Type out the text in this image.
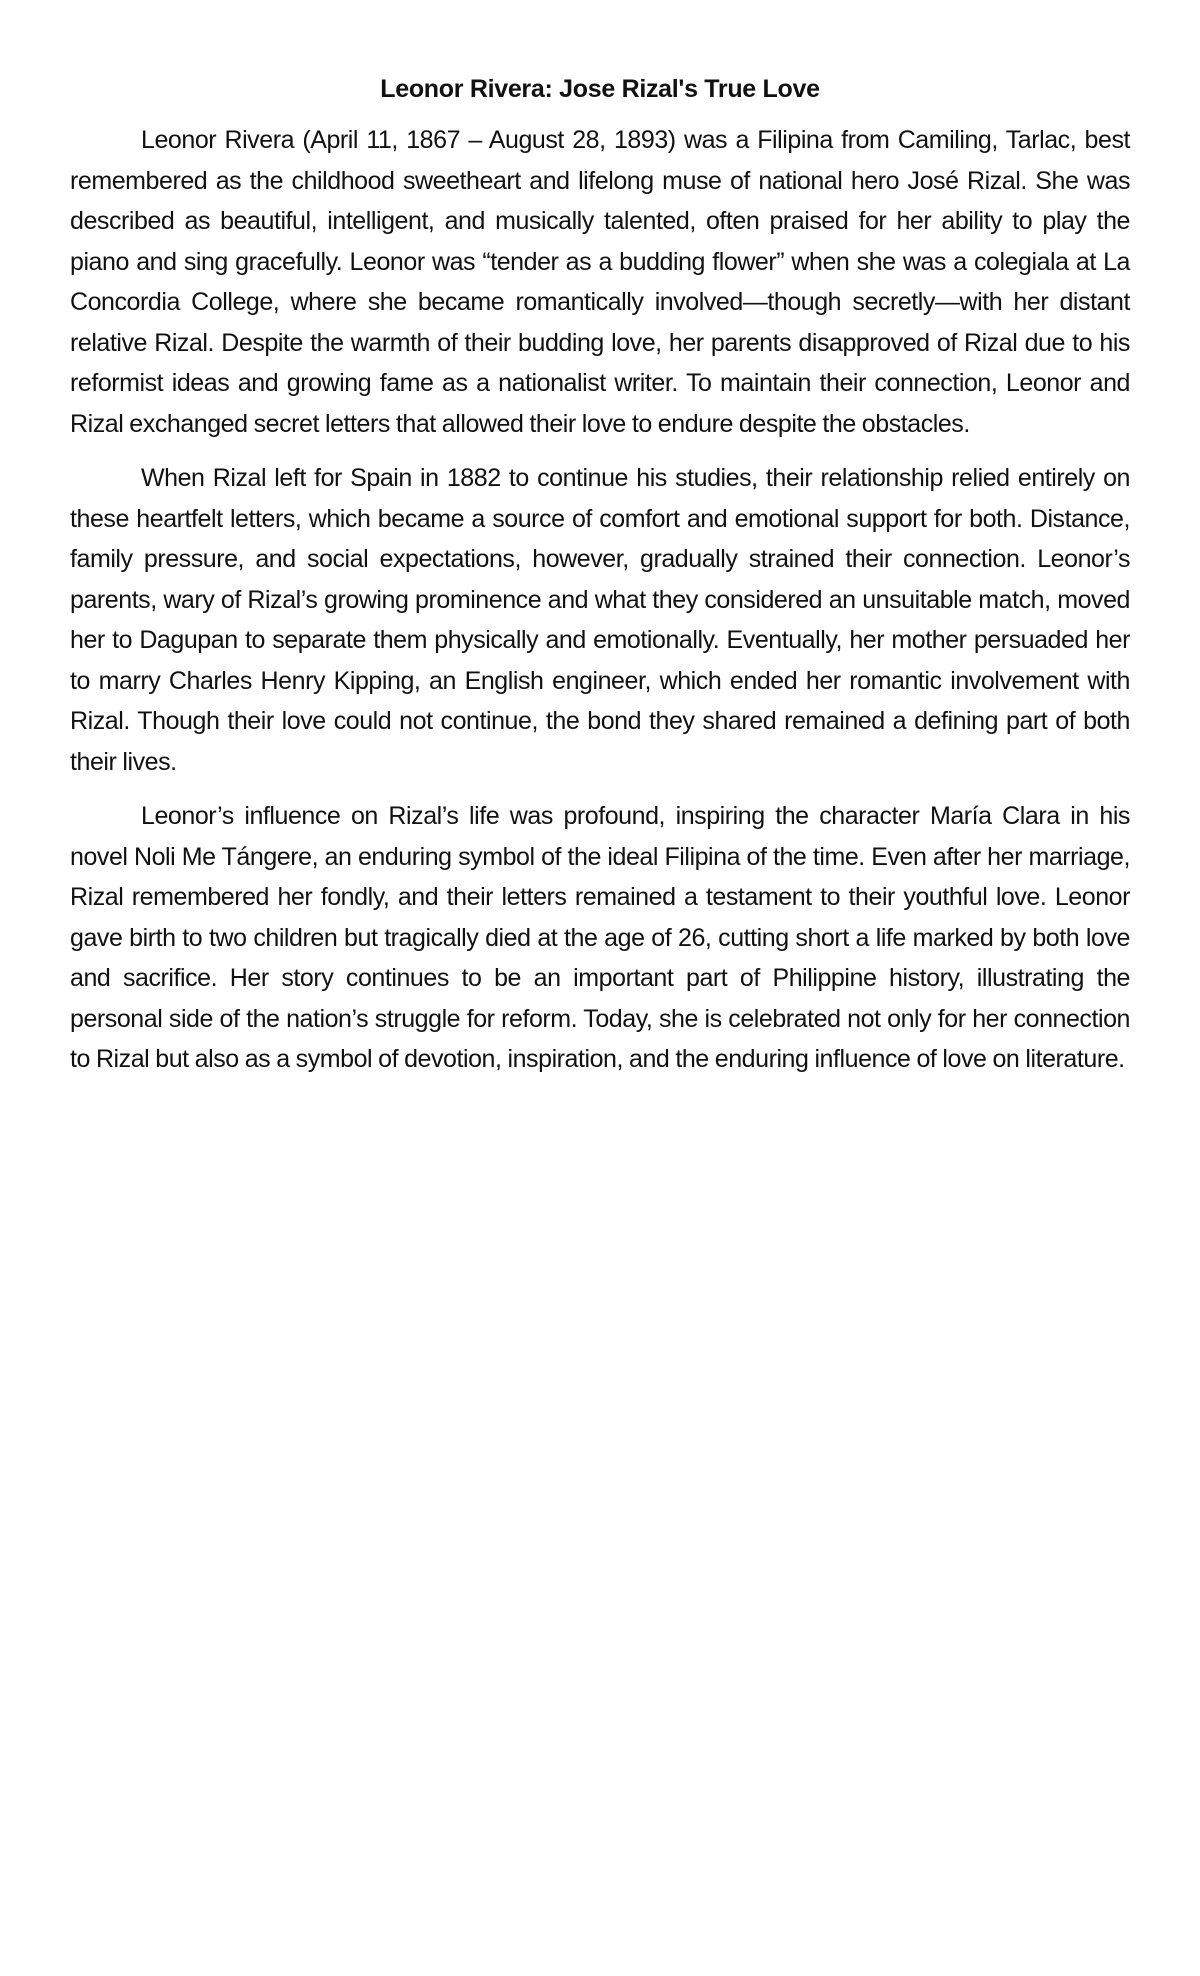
Leonor Rivera: Jose Rizal's True Love

Leonor Rivera (April 11, 1867 – August 28, 1893) was a Filipina from Camiling, Tarlac, best remembered as the childhood sweetheart and lifelong muse of national hero José Rizal. She was described as beautiful, intelligent, and musically talented, often praised for her ability to play the piano and sing gracefully. Leonor was “tender as a budding flower” when she was a colegiala at La Concordia College, where she became romantically involved—though secretly—with her distant relative Rizal. Despite the warmth of their budding love, her parents disapproved of Rizal due to his reformist ideas and growing fame as a nationalist writer. To maintain their connection, Leonor and Rizal exchanged secret letters that allowed their love to endure despite the obstacles.

When Rizal left for Spain in 1882 to continue his studies, their relationship relied entirely on these heartfelt letters, which became a source of comfort and emotional support for both. Distance, family pressure, and social expectations, however, gradually strained their connection. Leonor’s parents, wary of Rizal’s growing prominence and what they considered an unsuitable match, moved her to Dagupan to separate them physically and emotionally. Eventually, her mother persuaded her to marry Charles Henry Kipping, an English engineer, which ended her romantic involvement with Rizal. Though their love could not continue, the bond they shared remained a defining part of both their lives.

Leonor’s influence on Rizal’s life was profound, inspiring the character María Clara in his novel Noli Me Tángere, an enduring symbol of the ideal Filipina of the time. Even after her marriage, Rizal remembered her fondly, and their letters remained a testament to their youthful love. Leonor gave birth to two children but tragically died at the age of 26, cutting short a life marked by both love and sacrifice. Her story continues to be an important part of Philippine history, illustrating the personal side of the nation’s struggle for reform. Today, she is celebrated not only for her connection to Rizal but also as a symbol of devotion, inspiration, and the enduring influence of love on literature.
